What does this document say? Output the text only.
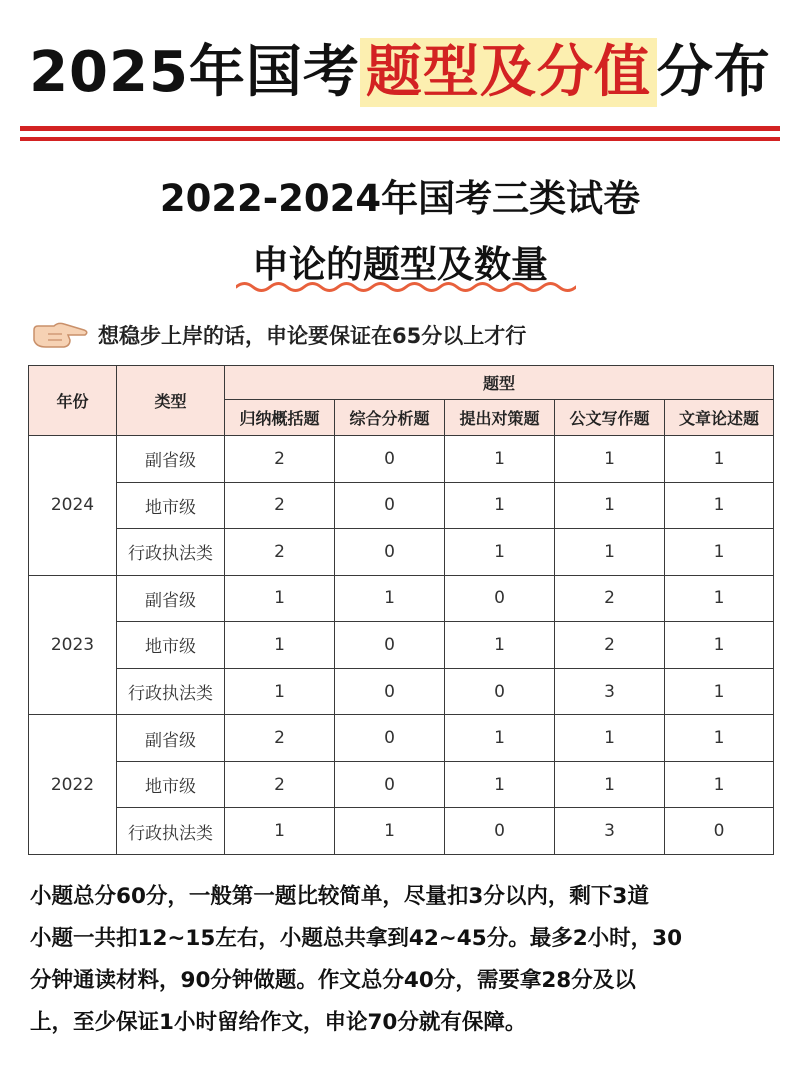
2025年国考 题型及分值 分布
2022-2024年国考三类试卷
申论的题型及数量
想稳步上岸的话，申论要保证在65分以上才行
年份	类型	题型				
		归纳概括题	综合分析题	提出对策题	公文写作题	文章论述题
2024	副省级	2	0	1	1	1
	地市级	2	0	1	1	1
	行政执法类	2	0	1	1	1
2023	副省级	1	1	0	2	1
	地市级	1	0	1	2	1
	行政执法类	1	0	0	3	1
2022	副省级	2	0	1	1	1
	地市级	2	0	1	1	1
	行政执法类	1	1	0	3	0
小题总分60分，一般第一题比较简单，尽量扣3分以内，剩下3道
小题一共扣12~15左右，小题总共拿到42~45分。最多2小时，30
分钟通读材料，90分钟做题。作文总分40分，需要拿28分及以
上，至少保证1小时留给作文，申论70分就有保障。
